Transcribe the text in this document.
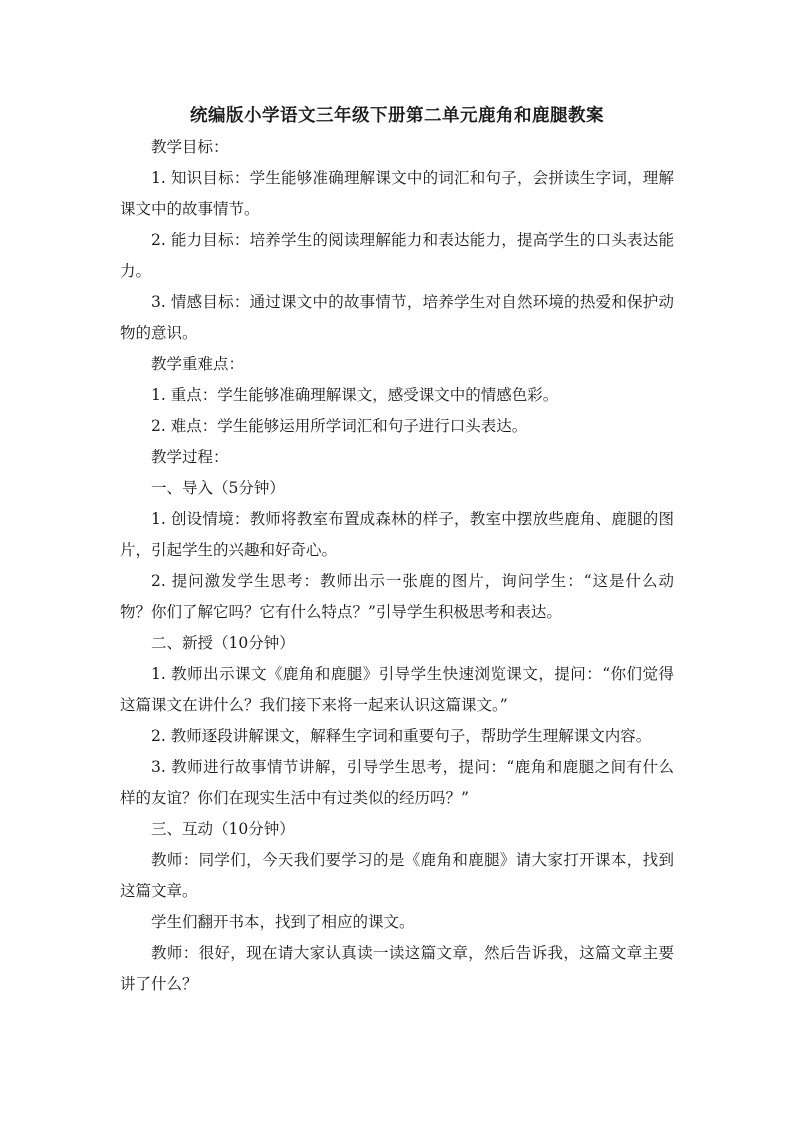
统编版小学语文三年级下册第二单元鹿角和鹿腿教案

教学目标：

1. 知识目标：学生能够准确理解课文中的词汇和句子，会拼读生字词，理解课文中的故事情节。

2. 能力目标：培养学生的阅读理解能力和表达能力，提高学生的口头表达能力。

3. 情感目标：通过课文中的故事情节，培养学生对自然环境的热爱和保护动物的意识。

教学重难点：

1. 重点：学生能够准确理解课文，感受课文中的情感色彩。

2. 难点：学生能够运用所学词汇和句子进行口头表达。

教学过程：

一、导入（5分钟）

1. 创设情境：教师将教室布置成森林的样子，教室中摆放些鹿角、鹿腿的图片，引起学生的兴趣和好奇心。

2. 提问激发学生思考：教师出示一张鹿的图片，询问学生：“这是什么动物？你们了解它吗？它有什么特点？”引导学生积极思考和表达。

二、新授（10分钟）

1. 教师出示课文《鹿角和鹿腿》引导学生快速浏览课文，提问：“你们觉得这篇课文在讲什么？我们接下来将一起来认识这篇课文。”

2. 教师逐段讲解课文，解释生字词和重要句子，帮助学生理解课文内容。

3. 教师进行故事情节讲解，引导学生思考，提问：“鹿角和鹿腿之间有什么样的友谊？你们在现实生活中有过类似的经历吗？”

三、互动（10分钟）

教师：同学们，今天我们要学习的是《鹿角和鹿腿》请大家打开课本，找到这篇文章。

学生们翻开书本，找到了相应的课文。

教师：很好，现在请大家认真读一读这篇文章，然后告诉我，这篇文章主要讲了什么？
